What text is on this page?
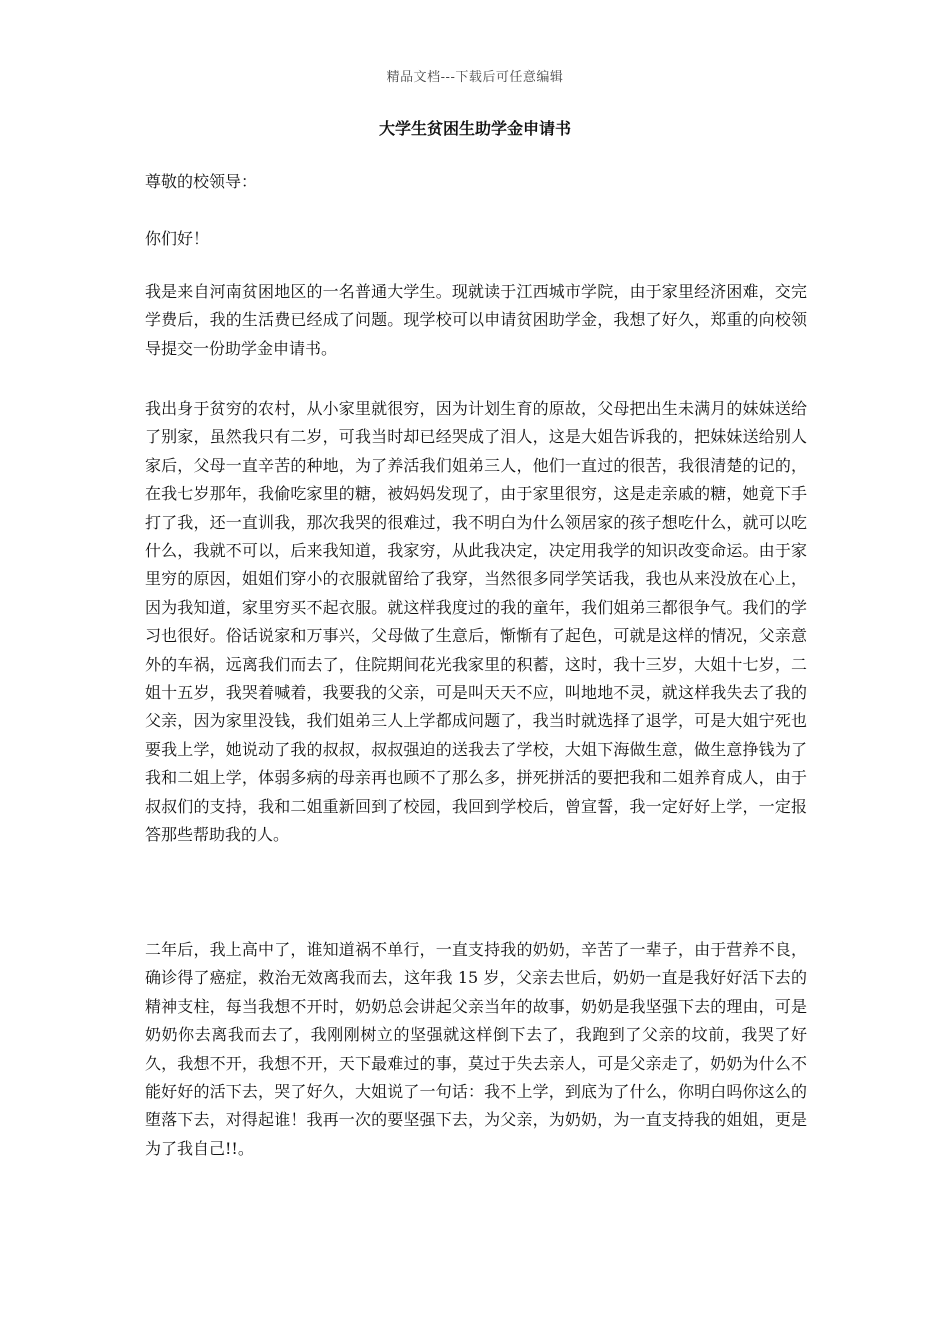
精品文档---下载后可任意编辑
大学生贫困生助学金申请书
尊敬的校领导：
你们好！

我是来自河南贫困地区的一名普通大学生。现就读于江西城市学院，由于家里经济困难，交完学费后，我的生活费已经成了问题。现学校可以申请贫困助学金，我想了好久，郑重的向校领导提交一份助学金申请书。

我出身于贫穷的农村，从小家里就很穷，因为计划生育的原故，父母把出生未满月的妹妹送给了别家，虽然我只有二岁，可我当时却已经哭成了泪人，这是大姐告诉我的，把妹妹送给别人家后，父母一直辛苦的种地，为了养活我们姐弟三人，他们一直过的很苦，我很清楚的记的，在我七岁那年，我偷吃家里的糖，被妈妈发现了，由于家里很穷，这是走亲戚的糖，她竟下手打了我，还一直训我，那次我哭的很难过，我不明白为什么领居家的孩子想吃什么，就可以吃什么，我就不可以，后来我知道，我家穷，从此我决定，决定用我学的知识改变命运。由于家里穷的原因，姐姐们穿小的衣服就留给了我穿，当然很多同学笑话我，我也从来没放在心上，因为我知道，家里穷买不起衣服。就这样我度过的我的童年，我们姐弟三都很争气。我们的学习也很好。俗话说家和万事兴，父母做了生意后，惭惭有了起色，可就是这样的情况，父亲意外的车祸，远离我们而去了，住院期间花光我家里的积蓄，这时，我十三岁，大姐十七岁，二姐十五岁，我哭着喊着，我要我的父亲，可是叫天天不应，叫地地不灵，就这样我失去了我的父亲，因为家里没钱，我们姐弟三人上学都成问题了，我当时就选择了退学，可是大姐宁死也要我上学，她说动了我的叔叔，叔叔强迫的送我去了学校，大姐下海做生意，做生意挣钱为了我和二姐上学，体弱多病的母亲再也顾不了那么多，拼死拼活的要把我和二姐养育成人，由于叔叔们的支持，我和二姐重新回到了校园，我回到学校后，曾宣誓，我一定好好上学，一定报答那些帮助我的人。

二年后，我上高中了，谁知道祸不单行，一直支持我的奶奶，辛苦了一辈子，由于营养不良，确诊得了癌症，救治无效离我而去，这年我 15 岁，父亲去世后，奶奶一直是我好好活下去的精神支柱，每当我想不开时，奶奶总会讲起父亲当年的故事，奶奶是我坚强下去的理由，可是奶奶你去离我而去了，我刚刚树立的坚强就这样倒下去了，我跑到了父亲的坟前，我哭了好久，我想不开，我想不开，天下最难过的事，莫过于失去亲人，可是父亲走了，奶奶为什么不能好好的活下去，哭了好久，大姐说了一句话：我不上学，到底为了什么，你明白吗你这么的堕落下去，对得起谁！我再一次的要坚强下去，为父亲，为奶奶，为一直支持我的姐姐，更是为了我自己!!。
